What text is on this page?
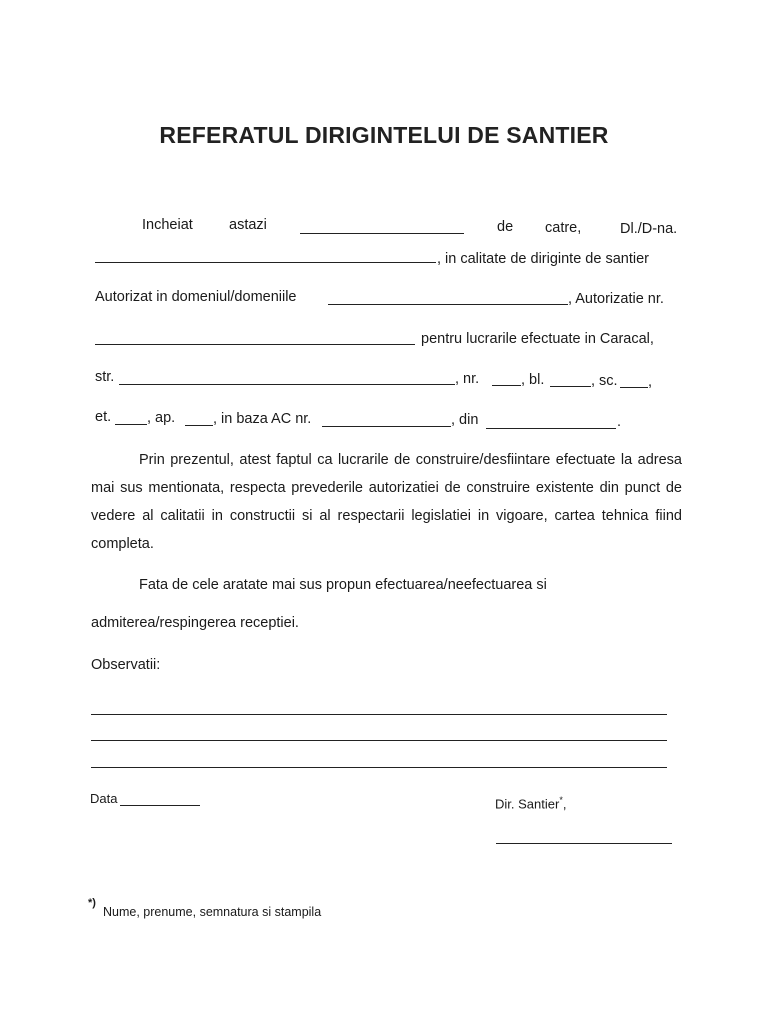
REFERATUL DIRIGINTELUI DE SANTIER
Incheiat astazi	de catre,	Dl./D-na.
, in calitate de diriginte de santier
Autorizat in domeniul/domeniile	, Autorizatie nr.
pentru lucrarile efectuate in Caracal,
str.	, nr.	, bl.	, sc. ,
et. , ap.	, in baza AC nr.	, din	.
Prin prezentul, atest faptul ca lucrarile de construire/desfiintare efectuate la adresa mai sus mentionata, respecta prevederile autorizatiei de construire existente din punct de vedere al calitatii in constructii si al respectarii legislatiei in vigoare, cartea tehnica fiind completa.
Fata de cele aratate mai sus propun efectuarea/neefectuarea si
admiterea/respingerea receptiei.
Observatii:
Data	Dir. Santier*,
*)
Nume, prenume, semnatura si stampila
